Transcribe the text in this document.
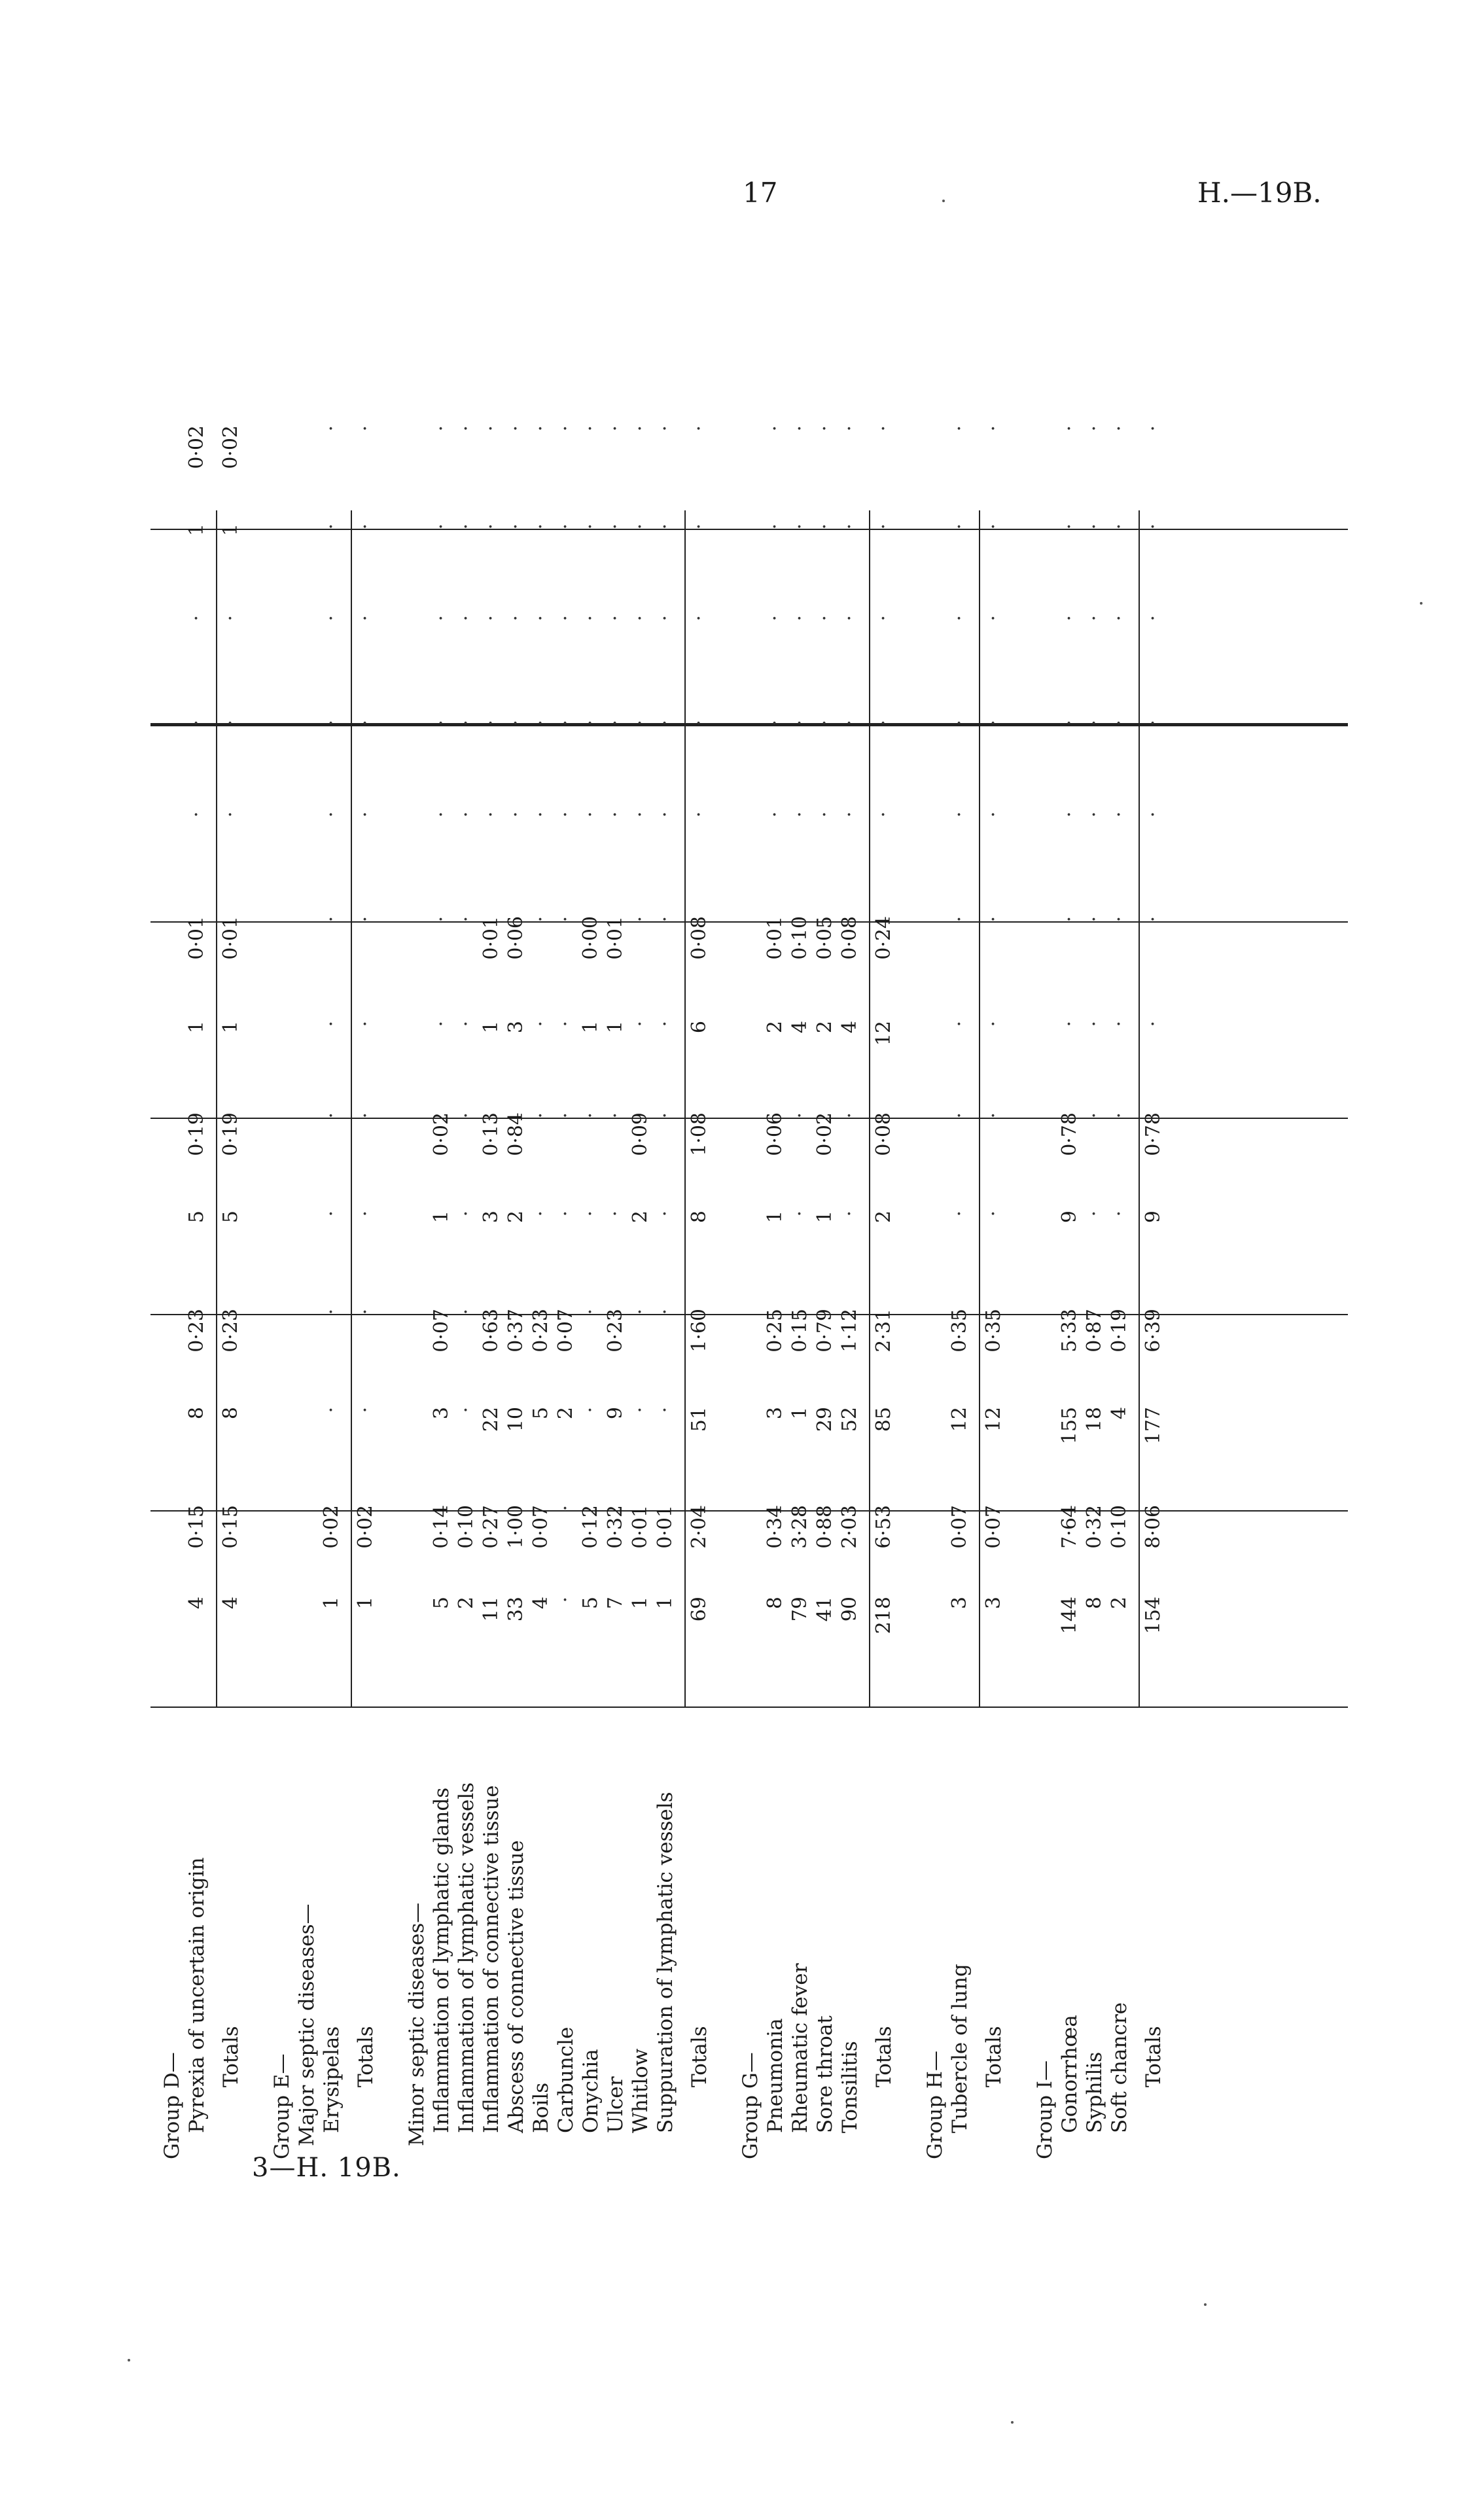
17	H.—19B.
Group D— Pyrexia of uncertain origin
4
0·15
8
0·23
5
0·19
1
0·01
·
·
·
1
0·02
Totals
4
0·15
8
0·23
5
0·19
1
0·01
·
·
·
1
0·02
Group E— Major septic diseases— Erysipelas
1
0·02
·
·
·
·
·
·
·
·
·
·
·
Totals
1
0·02
·
·
·
·
·
·
·
·
·
·
·
Minor septic diseases— Inflammation of lymphatic glands
5
0·14
3
0·07
1
0·02
·
·
·
·
·
·
·
Inflammation of lymphatic vessels
2
0·10
·
·
·
·
·
·
·
·
·
·
·
Inflammation of connective tissue
11
0·27
22
0·63
3
0·13
1
0·01
·
·
·
·
·
Abscess of connective tissue
33
1·00
10
0·37
2
0·84
3
0·06
·
·
·
·
·
Boils
4
0·07
5
0·23
·
·
·
·
·
·
·
·
·
Carbuncle
·
·
2
0·07
·
·
·
·
·
·
·
·
·
Onychia
5
0·12
·
·
·
·
1
0·00
·
·
·
·
·
Ulcer
7
0·32
9
0·23
·
·
1
0·01
·
·
·
·
·
Whitlow
1
0·01
·
·
2
0·09
·
·
·
·
·
·
·
Suppuration of lymphatic vessels
1
0·01
·
·
·
·
·
·
·
·
·
·
·
Totals
69
2·04
51
1·60
8
1·08
6
0·08
·
·
·
·
·
Group G— Pneumonia
8
0·34
3
0·25
1
0·06
2
0·01
·
·
·
·
·
Rheumatic fever
79
3·28
1
0·15
·
·
4
0·10
·
·
·
·
·
Sore throat
41
0·88
29
0·79
1
0·02
2
0·05
·
·
·
·
·
Tonsilitis
90
2·03
52
1·12
·
·
4
0·08
·
·
·
·
·
Totals
218
6·53
85
2·31
2
0·08
12
0·24
·
·
·
·
·
Group H— Tubercle of lung
3
0·07
12
0·35
·
·
·
·
·
·
·
·
·
Totals
3
0·07
12
0·35
·
·
·
·
·
·
·
·
·
Group I— Gonorrhœa
144
7·64
155
5·33
9
0·78
·
·
·
·
·
·
·
Syphilis
8
0·32
18
0·87
·
·
·
·
·
·
·
·
·
Soft chancre
2
0·10
4
0·19
·
·
·
·
·
·
·
·
·
Totals
154
8·06
177
6·39
9
0·78
·
·
·
·
·
·
·
3—H. 19B.
